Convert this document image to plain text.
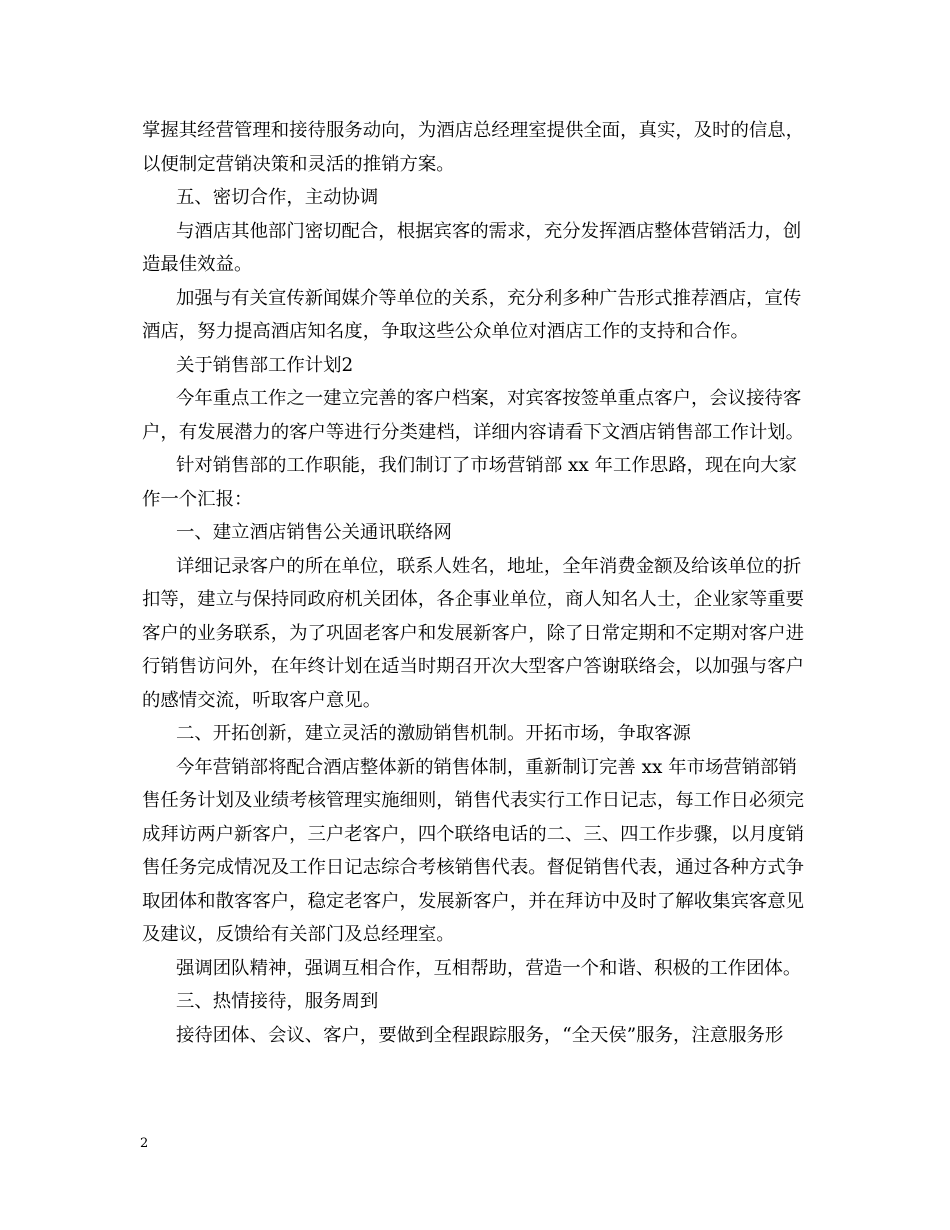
掌握其经营管理和接待服务动向，为酒店总经理室提供全面，真实，及时的信息，
以便制定营销决策和灵活的推销方案。
五、密切合作，主动协调
与酒店其他部门密切配合，根据宾客的需求，充分发挥酒店整体营销活力，创
造最佳效益。
加强与有关宣传新闻媒介等单位的关系，充分利多种广告形式推荐酒店，宣传
酒店，努力提高酒店知名度，争取这些公众单位对酒店工作的支持和合作。
关于销售部工作计划2
今年重点工作之一建立完善的客户档案，对宾客按签单重点客户，会议接待客
户，有发展潜力的客户等进行分类建档，详细内容请看下文酒店销售部工作计划。
针对销售部的工作职能，我们制订了市场营销部 xx 年工作思路，现在向大家
作一个汇报：
一、建立酒店销售公关通讯联络网
详细记录客户的所在单位，联系人姓名，地址，全年消费金额及给该单位的折
扣等，建立与保持同政府机关团体，各企事业单位，商人知名人士，企业家等重要
客户的业务联系，为了巩固老客户和发展新客户，除了日常定期和不定期对客户进
行销售访问外，在年终计划在适当时期召开次大型客户答谢联络会，以加强与客户
的感情交流，听取客户意见。
二、开拓创新，建立灵活的激励销售机制。开拓市场，争取客源
今年营销部将配合酒店整体新的销售体制，重新制订完善 xx 年市场营销部销
售任务计划及业绩考核管理实施细则，销售代表实行工作日记志，每工作日必须完
成拜访两户新客户，三户老客户，四个联络电话的二、三、四工作步骤，以月度销
售任务完成情况及工作日记志综合考核销售代表。督促销售代表，通过各种方式争
取团体和散客客户，稳定老客户，发展新客户，并在拜访中及时了解收集宾客意见
及建议，反馈给有关部门及总经理室。
强调团队精神，强调互相合作，互相帮助，营造一个和谐、积极的工作团体。
三、热情接待，服务周到
接待团体、会议、客户，要做到全程跟踪服务，“全天侯”服务，注意服务形
2
